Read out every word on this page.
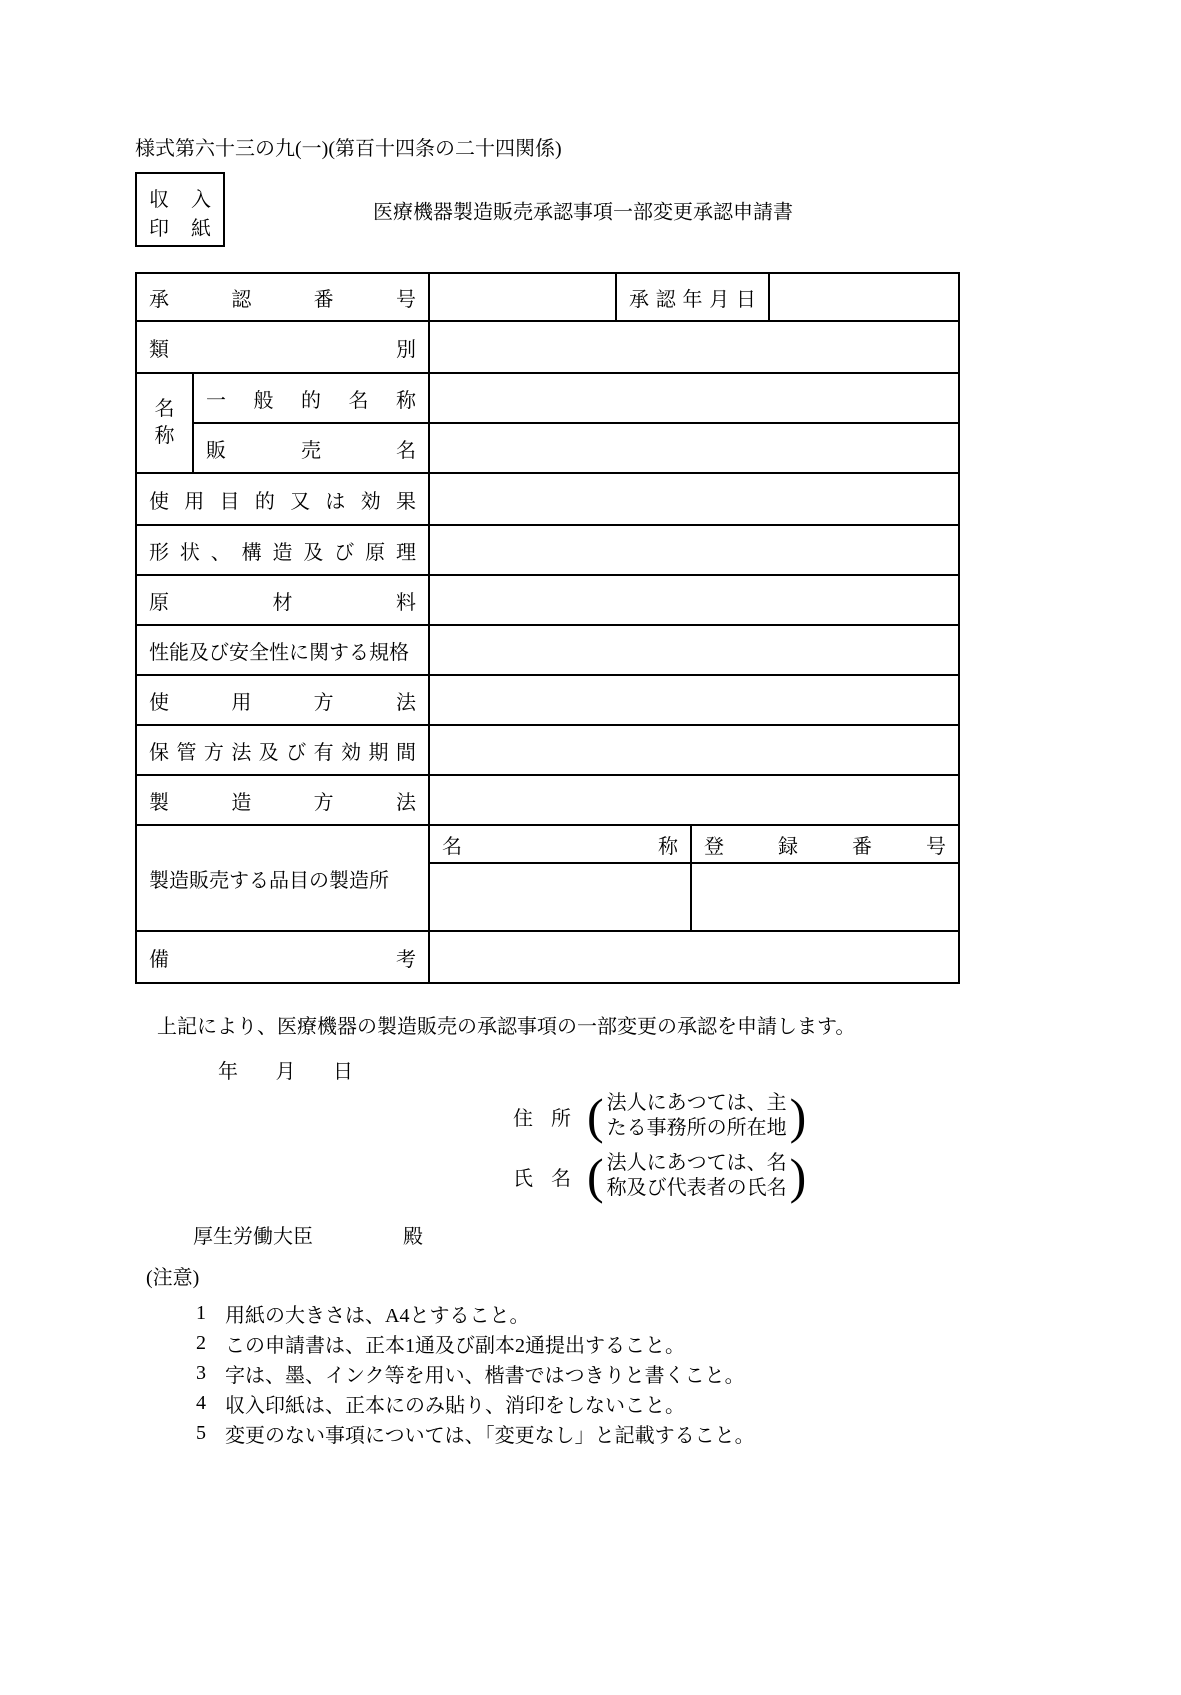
様式第六十三の九(一)(第百十四条の二十四関係)
収 入
印 紙
医療機器製造販売承認事項一部変更承認申請書
承 認 番 号			承 認 年 月 日		

類 別					

名称	一 般 的 名 称				

	販 売 名				

使 用 目 的 又 は 効 果

形 状 、 構 造 及 び 原 理

原 材 料					

性能及び安全性に関する規格					

使 用 方 法					

保 管 方 法 及 び 有 効 期 間

製 造 方 法					

製造販売する品目の製造所		名 称		登 録 番 号	

備 考					

上記により、医療機器の製造販売の承認事項の一部変更の承認を申請します。
年 月 日
住 所 ( 法人にあつては、主
たる事務所の所在地 )
氏 名 ( 法人にあつては、名
称及び代表者の氏名 )
厚生労働大臣	殿
(注意)
1 用紙の大きさは、A4とすること。
2 この申請書は、正本1通及び副本2通提出すること。
3 字は、墨、インク等を用い、楷書ではつきりと書くこと。
4 収入印紙は、正本にのみ貼り、消印をしないこと。
5 変更のない事項については、「変更なし」と記載すること。
